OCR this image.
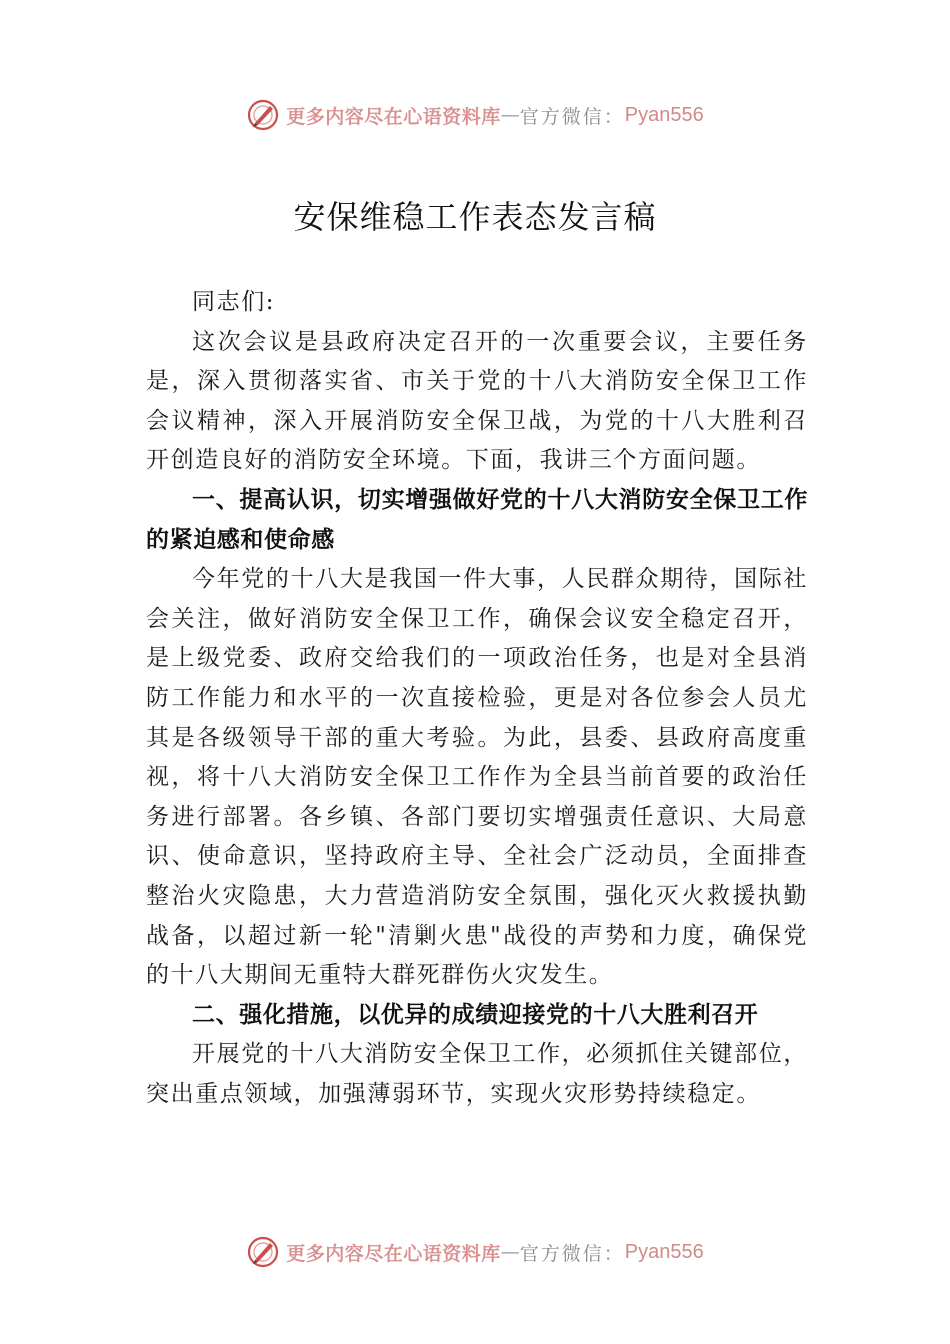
更多内容尽在心语资料库 — 官方微信： Pyan556
安保维稳工作表态发言稿

同志们:

这次会议是县政府决定召开的一次重要会议，主要任务是，深入贯彻落实省、市关于党的十八大消防安全保卫工作会议精神，深入开展消防安全保卫战，为党的十八大胜利召开创造良好的消防安全环境。下面，我讲三个方面问题。

一、提高认识，切实增强做好党的十八大消防安全保卫工作的紧迫感和使命感

今年党的十八大是我国一件大事，人民群众期待，国际社会关注，做好消防安全保卫工作，确保会议安全稳定召开，是上级党委、政府交给我们的一项政治任务，也是对全县消防工作能力和水平的一次直接检验，更是对各位参会人员尤其是各级领导干部的重大考验。为此，县委、县政府高度重视，将十八大消防安全保卫工作作为全县当前首要的政治任务进行部署。各乡镇、各部门要切实增强责任意识、大局意识、使命意识，坚持政府主导、全社会广泛动员，全面排查整治火灾隐患，大力营造消防安全氛围，强化灭火救援执勤战备，以超过新一轮"清剿火患"战役的声势和力度，确保党的十八大期间无重特大群死群伤火灾发生。

二、强化措施，以优异的成绩迎接党的十八大胜利召开

开展党的十八大消防安全保卫工作，必须抓住关键部位，突出重点领域，加强薄弱环节，实现火灾形势持续稳定。

更多内容尽在心语资料库 — 官方微信： Pyan556
